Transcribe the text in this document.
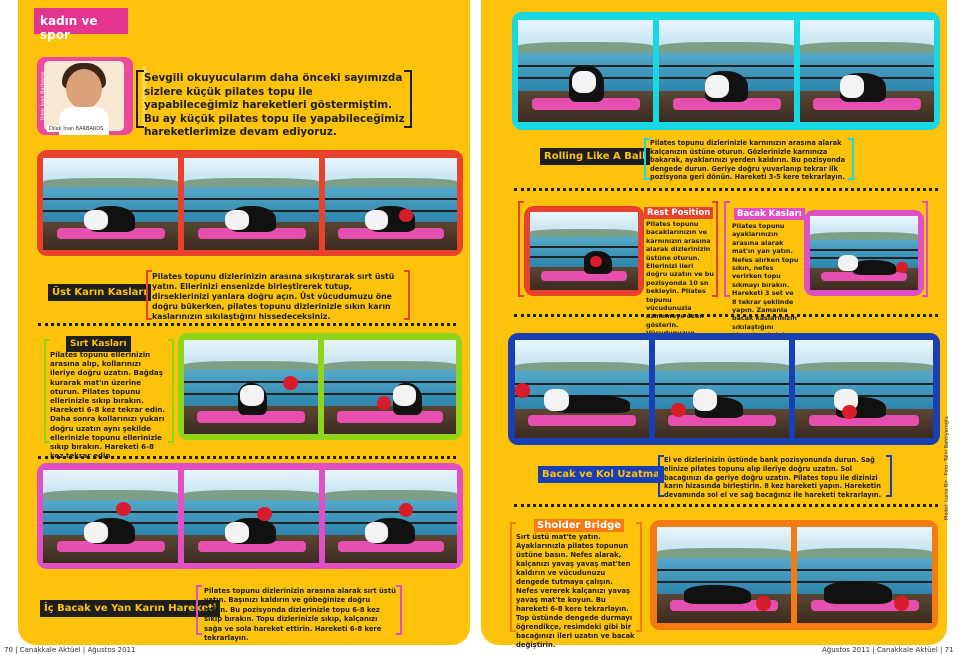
kadın ve spor
Dilek İnan Barbaros	info@dilekbarbaros.com
Dilek İnan BARBAROS
Sevgili okuyucularım daha önceki sayımızda sizlere küçük pilates topu ile yapabileceğimiz hareketleri göstermiştim. Bu ay küçük pilates topu ile yapabileceğimiz hareketlerimize devam ediyoruz.
Üst Karın Kasları
Pilates topunu dizlerinizin arasına sıkıştırarak sırt üstü yatın. Ellerinizi ensenizde birleştirerek tutup, dirseklerinizi yanlara doğru açın. Üst vücudumuzu öne doğru bükerken, pilates topunu dizlerinizle sıkın karın kaslarınızın sıkılaştığını hissedeceksiniz.
Sırt Kasları
Pilates topunu ellerinizin arasına alıp, kollarınızı ileriye doğru uzatın. Bağdaş kurarak mat'ın üzerine oturun. Pilates topunu ellerinizle sıkıp bırakın. Hareketi 6-8 kez tekrar edin. Daha sonra kollarınızı yukarı doğru uzatın aynı şekilde ellerinizle topunu ellerinizle sıkıp bırakın. Hareketi 6-8 kez tekrar edin.
İç Bacak ve Yan Karın Hareketi
Pilates topunu dizlerinizin arasına alarak sırt üstü yatın. Başınızı kaldırın ve göbeğinize doğru bakın. Bu pozisyonda dizlerinizle topu 6-8 kez sıkıp bırakın. Topu dizlerinizle sıkıp, kalçanızı sağa ve sola hareket ettirin. Hareketi 6-8 kere tekrarlayın.
Rolling Like A Ball
Pilates topunu dizlerinizle karnınızın arasına alarak kalçanızın üstüne oturun. Gözlerinizle karnınıza bakarak, ayaklarınızı yerden kaldırın. Bu pozisyonda dengede durun. Geriye doğru yuvarlanıp tekrar ilk pozisyona geri dönün. Hareketi 3-5 kere tekrarlayın.
Rest Position
Pilates topunu bacaklarınızın ve karnınızın arasına alarak dizlerinizin üstüne oturun. Ellerinizi ileri doğru uzatın ve bu pozisyonda 10 sn bekleyin. Pilates topunu vücudunuzla ezmemeye özen gösterin.
Bacak Kasları
Pilates topunu ayaklarınızın arasına alarak mat'ın yan yatın. Nefes alırken topu sıkın, nefes verirken topu sıkmayı bırakın. Hareketi 3 set ve 8 tekrar şeklinde yapın. Zamanla bacak kaslarınızın sıkılaştığını
Bacak ve Kol Uzatma
El ve dizlerinizin üstünde bank pozisyonunda durun. Sağ elinize pilates topunu alıp ileriye doğru uzatın. Sol bacağınızı da geriye doğru uzatın. Pilates topu ile dizinizi karın hizasında birleştirin. 8 kez hareketi yapın. Hareketin devamında sol el ve sağ bacağınız ile hareketi tekrarlayın.
Sholder Bridge
Sırt üstü mat'te yatın. Ayaklarınızla pilates topunun üstüne basın. Nefes alarak, kalçanızı yavaş yavaş mat'ten kaldırın ve vücudunuzu dengede tutmaya çalışın. Nefes vererek kalçanızı yavaş yavaş mat'te koyun. Bu hareketi 6-8 kere tekrarlayın. Top üstünde dengede durmayı öğrendikçe, resimdeki gibi bir bacağınızı ileri uzatın ve bacak değiştirin.
Model: Lucia Bir · Foto: Tülin Bahtiyaroğlu
70 | Canakkale Aktüel | Ağustos 2011	Ağustos 2011 | Canakkale Aktüel | 71
